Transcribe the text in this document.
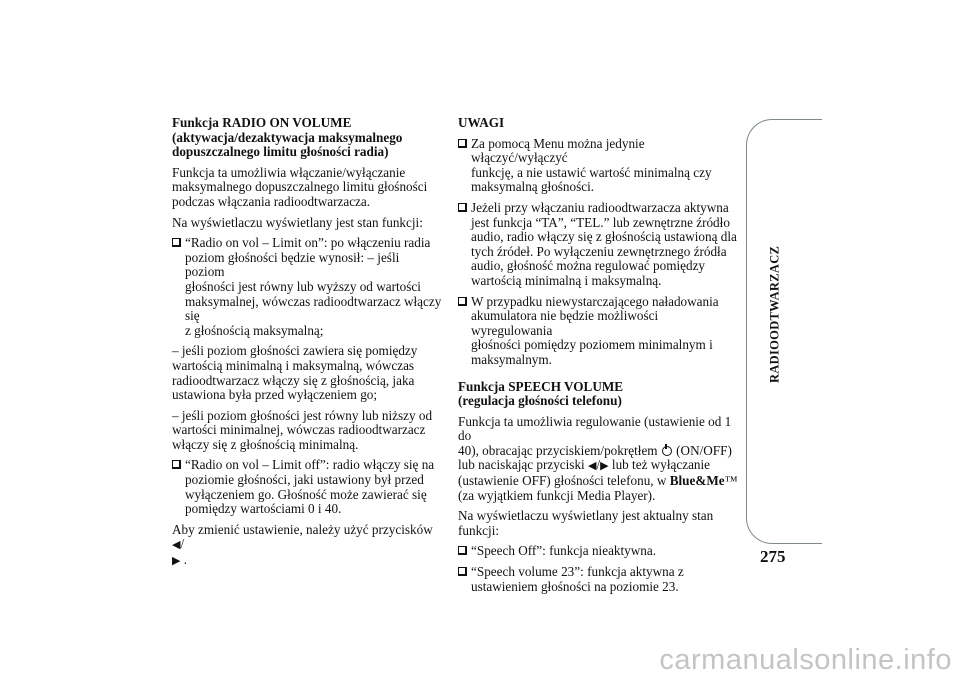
Funkcja RADIO ON VOLUME
(aktywacja/dezaktywacja maksymalnego
dopuszczalnego limitu głośności radia)

Funkcja ta umożliwia włączanie/wyłączanie
maksymalnego dopuszczalnego limitu głośności
podczas włączania radioodtwarzacza.

Na wyświetlaczu wyświetlany jest stan funkcji:

“Radio on vol – Limit on”: po włączeniu radia
poziom głośności będzie wynosił: – jeśli poziom
głośności jest równy lub wyższy od wartości
maksymalnej, wówczas radioodtwarzacz włączy się
z głośnością maksymalną;

– jeśli poziom głośności zawiera się pomiędzy
wartością minimalną i maksymalną, wówczas
radioodtwarzacz włączy się z głośnością, jaka
ustawiona była przed wyłączeniem go;

– jeśli poziom głośności jest równy lub niższy od
wartości minimalnej, wówczas radioodtwarzacz
włączy się z głośnością minimalną.

“Radio on vol – Limit off”: radio włączy się na
poziomie głośności, jaki ustawiony był przed
wyłączeniem go. Głośność może zawierać się
pomiędzy wartościami 0 i 40.

Aby zmienić ustawienie, należy użyć przycisków ◀/
▶ .

UWAGI

Za pomocą Menu można jedynie włączyć/wyłączyć
funkcję, a nie ustawić wartość minimalną czy
maksymalną głośności.
Jeżeli przy włączaniu radioodtwarzacza aktywna
jest funkcja “TA”, “TEL.” lub zewnętrzne źródło
audio, radio włączy się z głośnością ustawioną dla
tych źródeł. Po wyłączeniu zewnętrznego źródła
audio, głośność można regulować pomiędzy
wartością minimalną i maksymalną.
W przypadku niewystarczającego naładowania
akumulatora nie będzie możliwości wyregulowania
głośności pomiędzy poziomem minimalnym i
maksymalnym.

Funkcja SPEECH VOLUME
(regulacja głośności telefonu)

Funkcja ta umożliwia regulowanie (ustawienie od 1 do
40), obracając przyciskiem/pokrętłem (ON/OFF)
lub naciskając przyciski ◀/▶ lub też wyłączanie
(ustawienie OFF) głośności telefonu, w Blue&Me™
(za wyjątkiem funkcji Media Player).

Na wyświetlaczu wyświetlany jest aktualny stan
funkcji:

“Speech Off”: funkcja nieaktywna.
“Speech volume 23”: funkcja aktywna z
ustawieniem głośności na poziomie 23.
RADIOODTWARZACZ
275
carmanualsonline.info
